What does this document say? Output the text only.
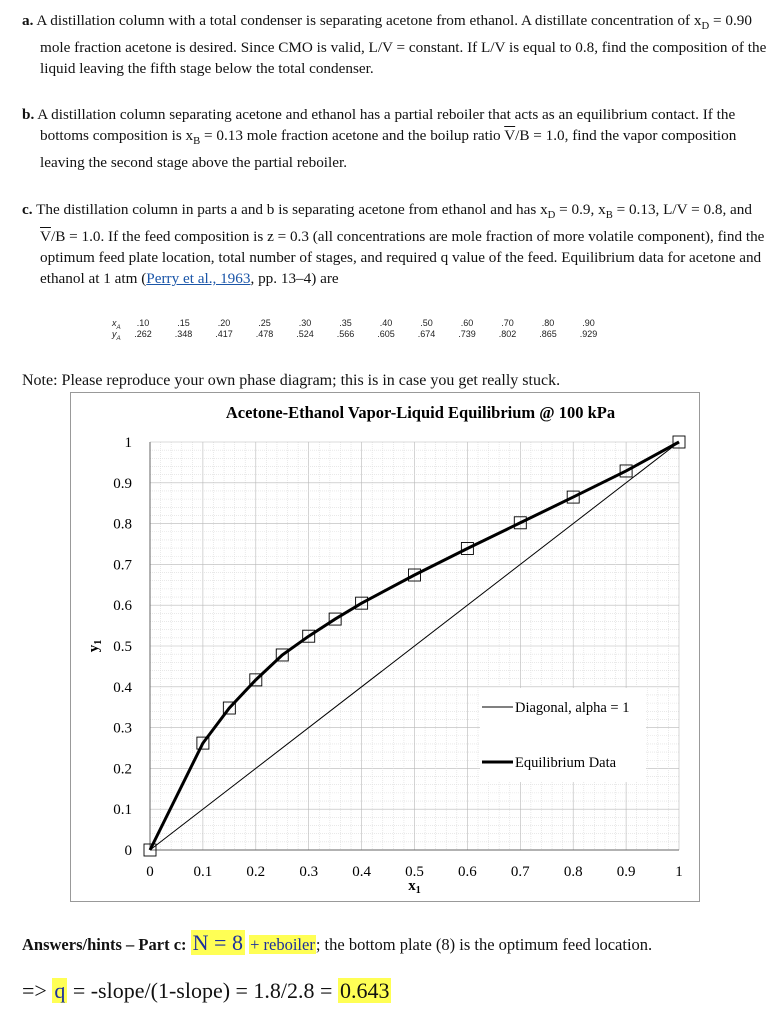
a. A distillation column with a total condenser is separating acetone from ethanol. A distillate concentration of $x_D = 0.90$ mole fraction acetone is desired. Since CMO is valid, L/V = constant. If L/V is equal to 0.8, find the composition of the liquid leaving the fifth stage below the total condenser.
b. A distillation column separating acetone and ethanol has a partial reboiler that acts as an equilibrium contact. If the bottoms composition is $x_B = 0.13$ mole fraction acetone and the boilup ratio $\overline{V}/B = 1.0$, find the vapor composition leaving the second stage above the partial reboiler.
c. The distillation column in parts a and b is separating acetone from ethanol and has $x_D = 0.9$, $x_B = 0.13$, L/V = 0.8, and $\overline{V}/B = 1.0$. If the feed composition is z = 0.3 (all concentrations are mole fraction of more volatile component), find the optimum feed plate location, total number of stages, and required q value of the feed. Equilibrium data for acetone and ethanol at 1 atm (Perry et al., 1963, pp. 13–4) are
$x_A$	.10	.15	.20	.25	.30	.35	.40	.50	.60	.70	.80	.90
$y_A$	.262	.348	.417	.478	.524	.566	.605	.674	.739	.802	.865	.929
Note: Please reproduce your own phase diagram; this is in case you get really stuck.
Acetone-Ethanol Vapor-Liquid Equilibrium @ 100 kPa
0	0.1 0.2 0.3 0.4 0.5 0.6 0.7 0.8 0.9	1
0
0.1
0.2
0.3
0.4
0.5
0.6
0.7
0.8
0.9
1
$x_1$
$y_1$
Diagonal, alpha = 1
Equilibrium Data
Answers/hints – Part c: N = 8 + reboiler; the bottom plate (8) is the optimum feed location.
=> q = -slope/(1-slope) = 1.8/2.8 = 0.643
